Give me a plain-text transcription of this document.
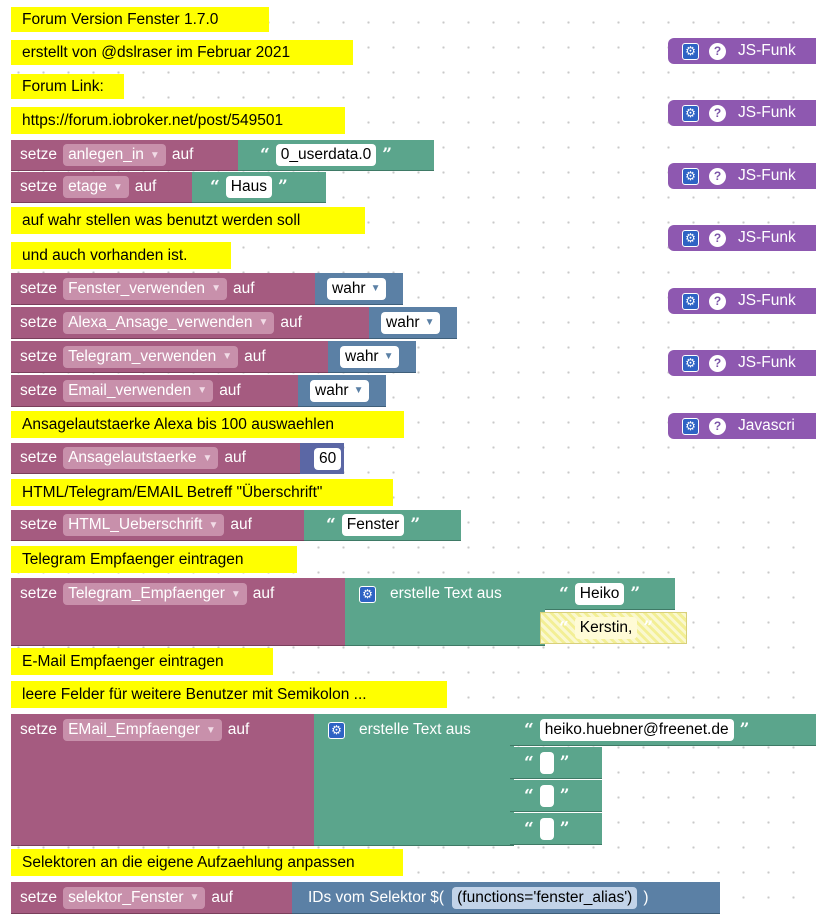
Forum Version Fenster 1.7.0
erstellt von @dslraser im Februar 2021
Forum Link:
https://forum.iobroker.net/post/549501
setze anlegen_in ▼ auf	“ 0_userdata.0 ”
setze etage ▼ auf	“ Haus ”
auf wahr stellen was benutzt werden soll
und auch vorhanden ist.
setze Fenster_verwenden ▼ auf	wahr ▼
setze Alexa_Ansage_verwenden ▼ auf	wahr ▼
setze Telegram_verwenden ▼ auf	wahr ▼
setze Email_verwenden ▼ auf	wahr ▼
Ansagelautstaerke Alexa bis 100 auswaehlen
setze Ansagelautstaerke ▼ auf	60
HTML/Telegram/EMAIL Betreff "Überschrift"
setze HTML_Ueberschrift ▼ auf	“ Fenster ”
Telegram Empfaenger eintragen
setze Telegram_Empfaenger ▼ auf	⚙ erstelle Text aus	“ Heiko ”
“ Kerstin, ”
E-Mail Empfaenger eintragen
leere Felder für weitere Benutzer mit Semikolon ...
setze EMail_Empfaenger ▼ auf	⚙ erstelle Text aus	“ heiko.huebner@freenet.de ”
“ ”
“ ”
“ ”
Selektoren an die eigene Aufzaehlung anpassen
setze selektor_Fenster ▼ auf	IDs vom Selektor $( (functions='fenster_alias') )
⚙	?	JS-Funk
⚙	?	JS-Funk
⚙	?	JS-Funk
⚙	?	JS-Funk
⚙	?	JS-Funk
⚙	?	JS-Funk
⚙	?	Javascri
